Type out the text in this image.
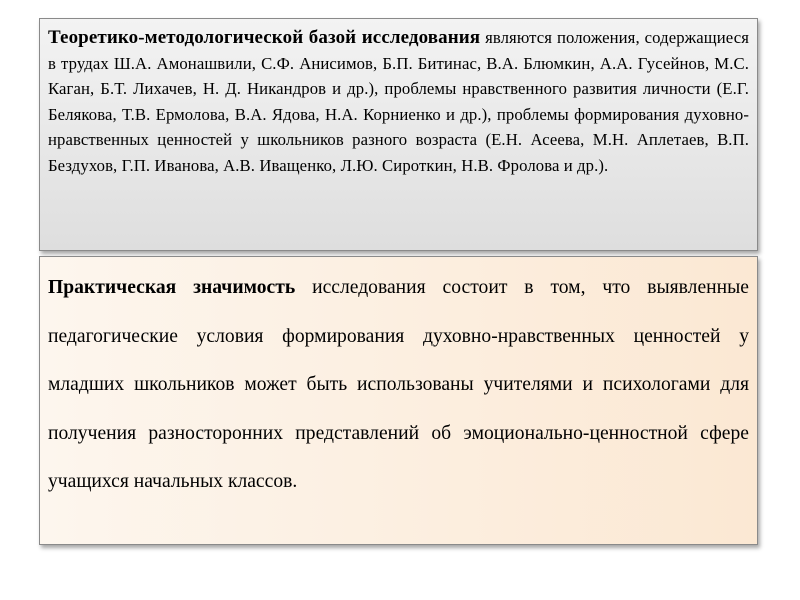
Теоретико-методологической базой исследования являются положения, содержащиеся в трудах Ш.А. Амонашвили, С.Ф. Анисимов, Б.П. Битинас, В.А. Блюмкин, А.А. Гусейнов, М.С. Каган, Б.Т. Лихачев, Н. Д. Никандров и др.), проблемы нравственного развития личности (Е.Г. Белякова, Т.В. Ермолова, В.А. Ядова, Н.А. Корниенко и др.), проблемы формирования духовно-нравственных ценностей у школьников разного возраста (Е.Н. Асеева, М.Н. Аплетаев, В.П. Бездухов, Г.П. Иванова, А.В. Иващенко, Л.Ю. Сироткин, Н.В. Фролова и др.).
Практическая значимость исследования состоит в том, что выявленные педагогические условия формирования духовно-нравственных ценностей у младших школьников может быть использованы учителями и психологами для получения разносторонних представлений об эмоционально-ценностной сфере учащихся начальных классов.
